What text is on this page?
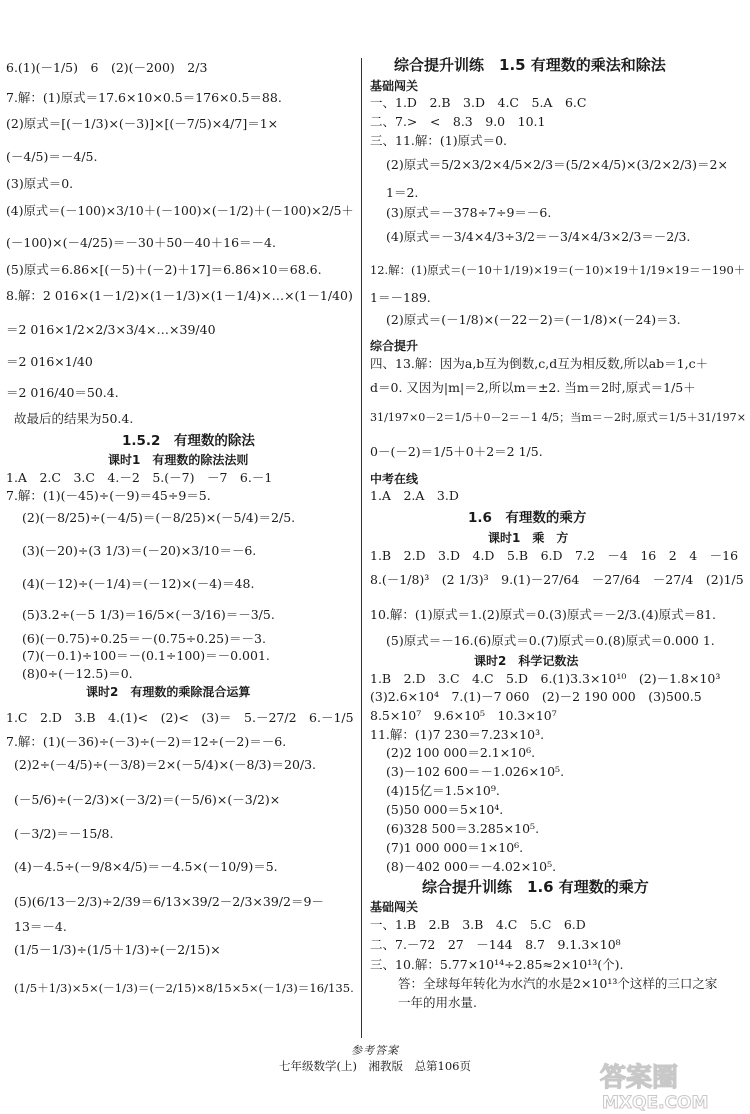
6.(1)(－1/5)　6　(2)(－200)　2/3
7.解：(1)原式＝17.6×10×0.5＝176×0.5＝88.
(2)原式＝[(－1/3)×(－3)]×[(－7/5)×4/7]＝1×
(－4/5)＝－4/5.
(3)原式＝0.
(4)原式＝(－100)×3/10＋(－100)×(－1/2)＋(－100)×2/5＋
(－100)×(－4/25)＝－30＋50－40＋16＝－4.
(5)原式＝6.86×[(－5)＋(－2)＋17]＝6.86×10＝68.6.
8.解：2 016×(1－1/2)×(1－1/3)×(1－1/4)×…×(1－1/40)
＝2 016×1/2×2/3×3/4×…×39/40
＝2 016×1/40
＝2 016/40＝50.4.
故最后的结果为50.4.
1.5.2　有理数的除法
课时1　有理数的除法法则
1.A　2.C　3.C　4.－2　5.(－7)　－7　6.－1
7.解：(1)(－45)÷(－9)＝45÷9＝5.
(2)(－8/25)÷(－4/5)＝(－8/25)×(－5/4)＝2/5.
(3)(－20)÷(3 1/3)＝(－20)×3/10＝－6.
(4)(－12)÷(－1/4)＝(－12)×(－4)＝48.
(5)3.2÷(－5 1/3)＝16/5×(－3/16)＝－3/5.
(6)(－0.75)÷0.25＝－(0.75÷0.25)＝－3.
(7)(－0.1)÷100＝－(0.1÷100)＝－0.001.
(8)0÷(－12.5)＝0.
课时2　有理数的乘除混合运算
1.C　2.D　3.B　4.(1)<　(2)<　(3)＝　5.－27/2　6.－1/5
7.解：(1)(－36)÷(－3)÷(－2)＝12÷(－2)＝－6.
(2)2÷(－4/5)÷(－3/8)＝2×(－5/4)×(－8/3)＝20/3.
(－5/6)÷(－2/3)×(－3/2)＝(－5/6)×(－3/2)×
(－3/2)＝－15/8.
(4)－4.5÷(－9/8×4/5)＝－4.5×(－10/9)＝5.
(5)(6/13－2/3)÷2/39＝6/13×39/2－2/3×39/2＝9－
13＝－4.
(1/5－1/3)÷(1/5＋1/3)÷(－2/15)×
(1/5＋1/3)×5×(－1/3)＝(－2/15)×8/15×5×(－1/3)＝16/135.
综合提升训练　1.5 有理数的乘法和除法
基础闯关
一、1.D　2.B　3.D　4.C　5.A　6.C
二、7.>　<　8.3　9.0　10.1
三、11.解：(1)原式＝0.
(2)原式＝5/2×3/2×4/5×2/3＝(5/2×4/5)×(3/2×2/3)＝2×
1＝2.
(3)原式＝－378÷7÷9＝－6.
(4)原式＝－3/4×4/3÷3/2＝－3/4×4/3×2/3＝－2/3.
12.解：(1)原式＝(－10＋1/19)×19＝(－10)×19＋1/19×19＝－190＋
1＝－189.
(2)原式＝(－1/8)×(－22－2)＝(－1/8)×(－24)＝3.
综合提升
四、13.解：因为a,b互为倒数,c,d互为相反数,所以ab＝1,c＋
d＝0. 又因为|m|＝2,所以m＝±2. 当m＝2时,原式＝1/5＋
31/197×0－2＝1/5＋0－2＝－1 4/5；当m＝－2时,原式＝1/5＋31/197×
0－(－2)＝1/5＋0＋2＝2 1/5.
中考在线
1.A　2.A　3.D
1.6　有理数的乘方
课时1　乘　方
1.B　2.D　3.D　4.D　5.B　6.D　7.2　－4　16　2　4　－16
8.(－1/8)³　(2 1/3)³　9.(1)－27/64　－27/64　－27/4　(2)1/5
10.解：(1)原式＝1.(2)原式＝0.(3)原式＝－2/3.(4)原式＝81.
(5)原式＝－16.(6)原式＝0.(7)原式＝0.(8)原式＝0.000 1.
课时2　科学记数法
1.B　2.D　3.C　4.C　5.D　6.(1)3.3×10¹⁰　(2)－1.8×10³
(3)2.6×10⁴　7.(1)－7 060　(2)－2 190 000　(3)500.5
8.5×10⁷　9.6×10⁵　10.3×10⁷
11.解：(1)7 230＝7.23×10³.
(2)2 100 000＝2.1×10⁶.
(3)－102 600＝－1.026×10⁵.
(4)15亿＝1.5×10⁹.
(5)50 000＝5×10⁴.
(6)328 500＝3.285×10⁵.
(7)1 000 000＝1×10⁶.
(8)－402 000＝－4.02×10⁵.
综合提升训练　1.6 有理数的乘方
基础闯关
一、1.B　2.B　3.B　4.C　5.C　6.D
二、7.－72　27　－144　8.7　9.1.3×10⁸
三、10.解：5.77×10¹⁴÷2.85≈2×10¹³(个).
答：全球每年转化为水汽的水是2×10¹³个这样的三口之家
一年的用水量.
参考答案
七年级数学(上)　湘教版　总第106页	答案圈
MXQE.COM
